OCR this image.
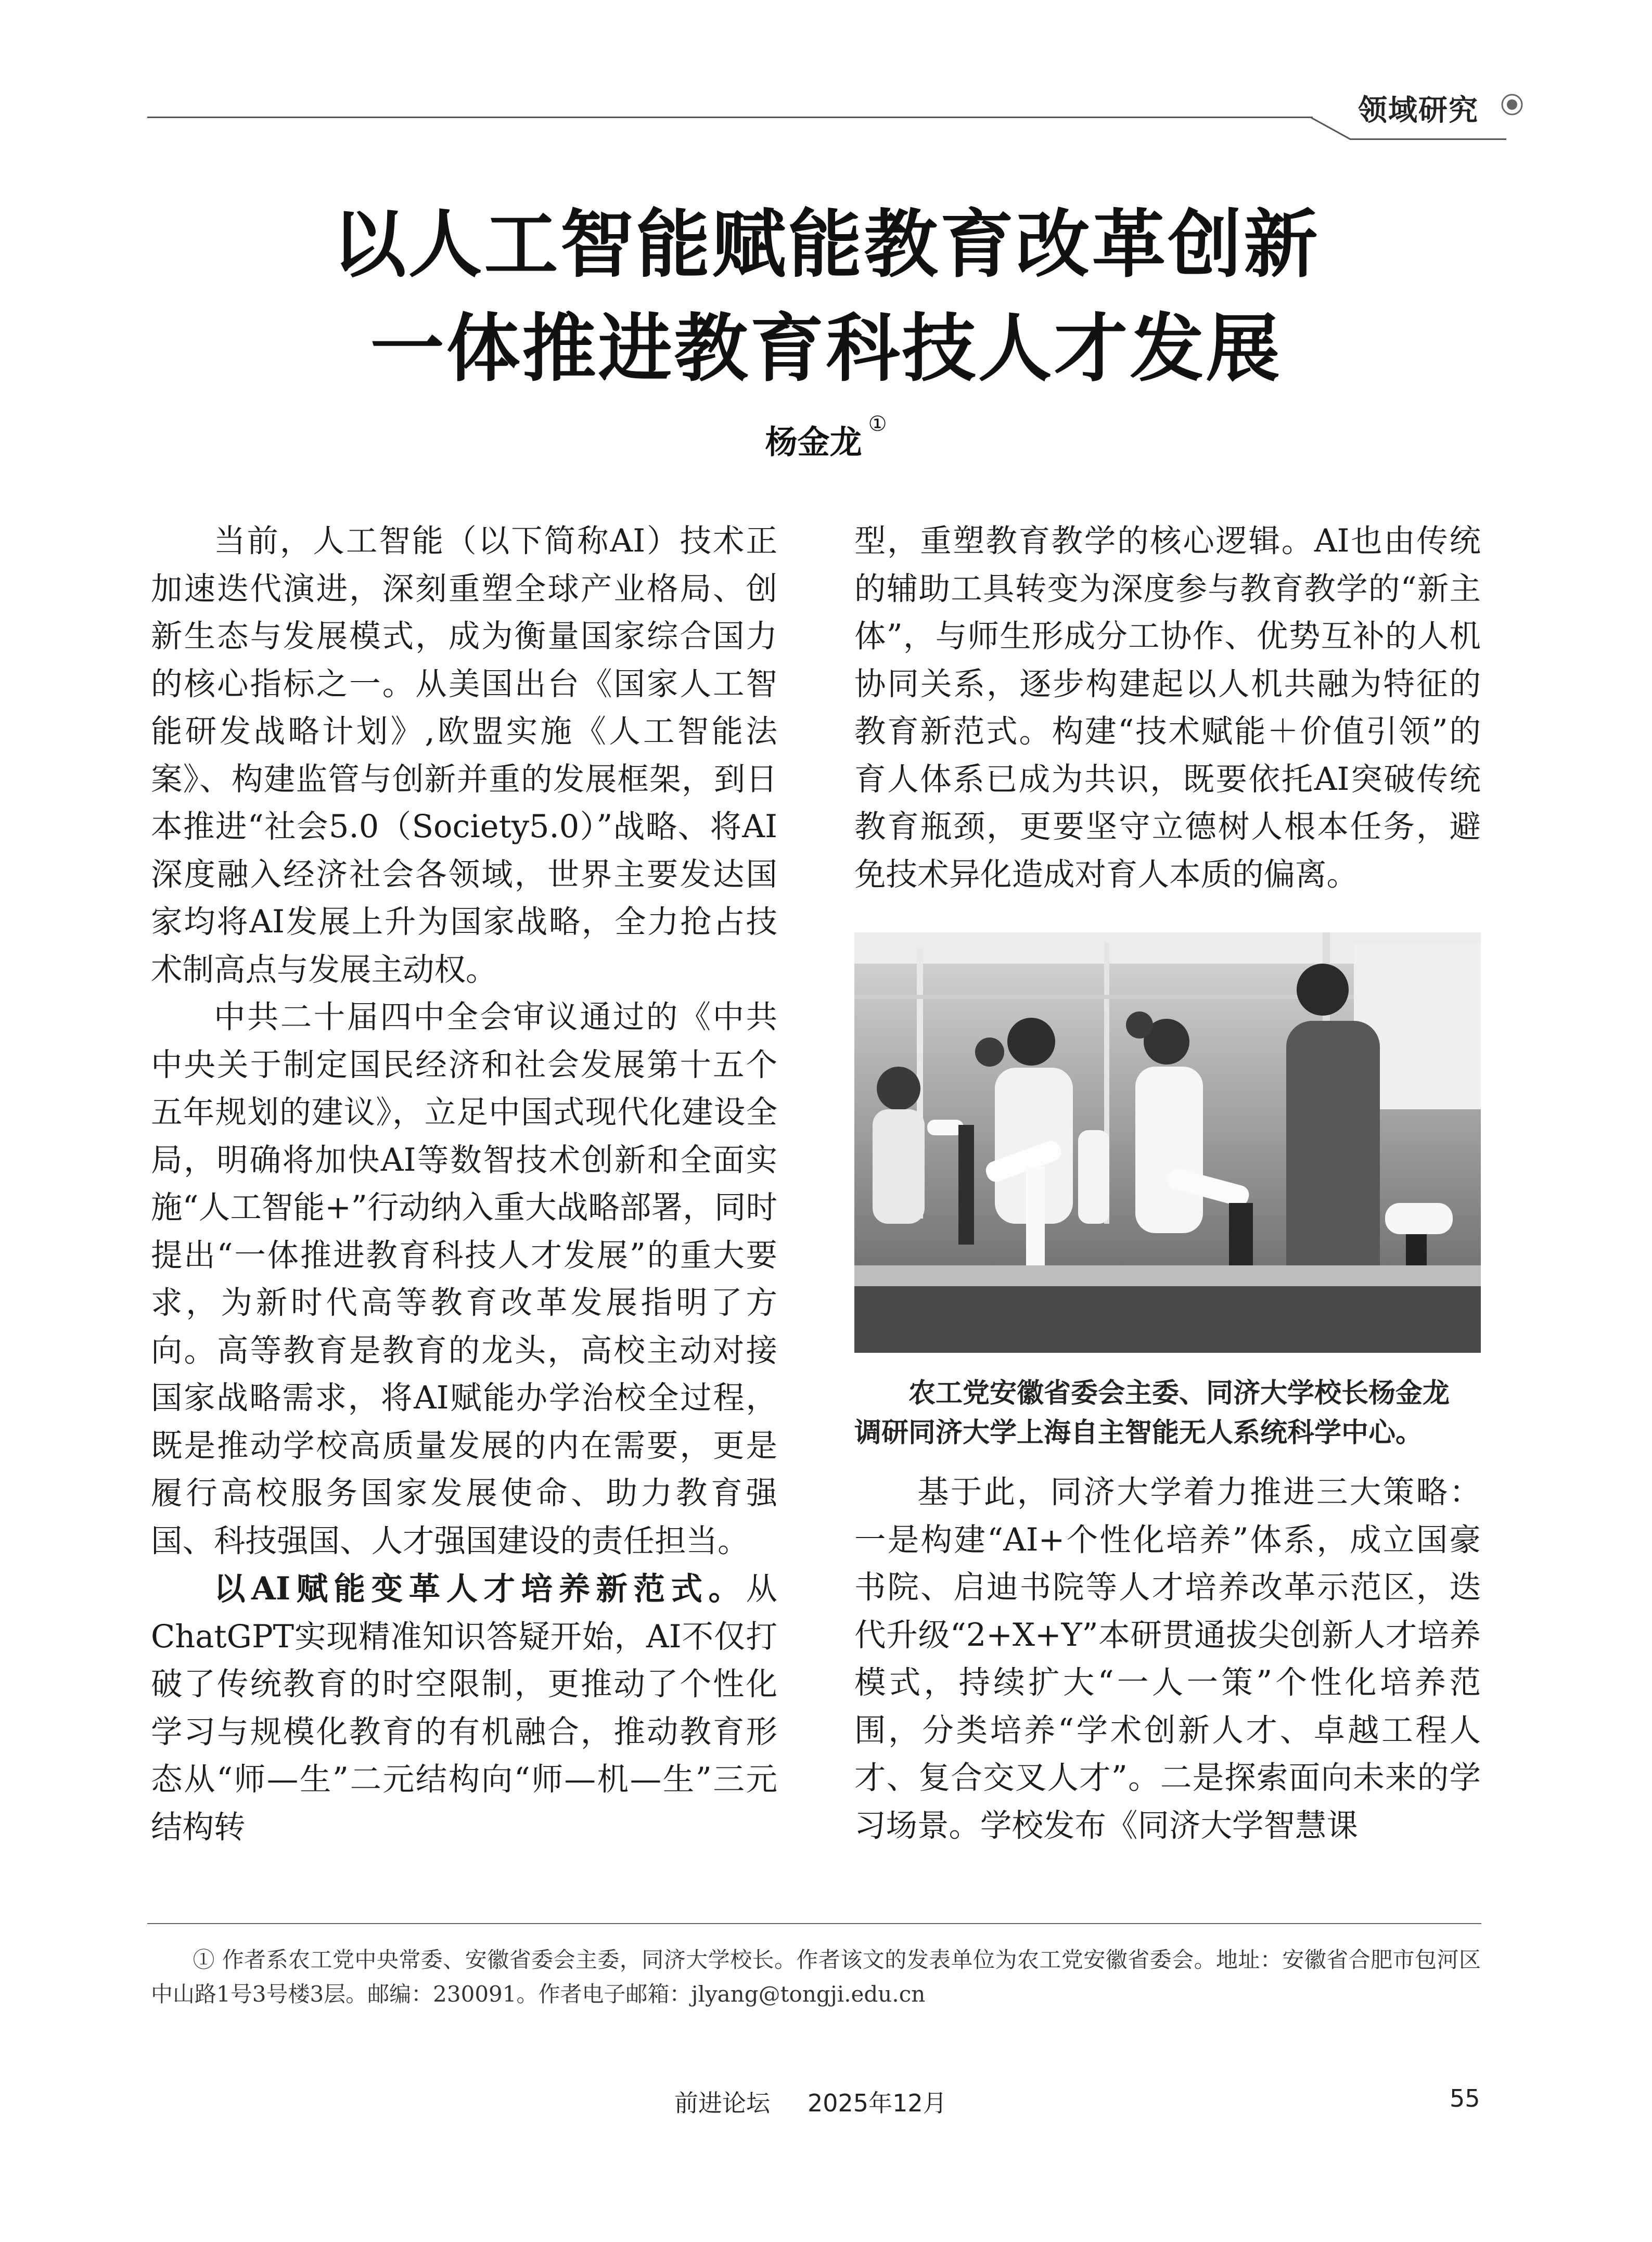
领域研究
以人工智能赋能教育改革创新
一体推进教育科技人才发展
杨金龙 ①

当前，人工智能（以下简称AI）技术正加速迭代演进，深刻重塑全球产业格局、创新生态与发展模式，成为衡量国家综合国力的核心指标之一。从美国出台《国家人工智能研发战略计划》,欧盟实施《人工智能法案》、构建监管与创新并重的发展框架，到日本推进“社会5.0（Society5.0）”战略、将AI深度融入经济社会各领域，世界主要发达国家均将AI发展上升为国家战略，全力抢占技术制高点与发展主动权。

中共二十届四中全会审议通过的《中共中央关于制定国民经济和社会发展第十五个五年规划的建议》，立足中国式现代化建设全局，明确将加快AI等数智技术创新和全面实施“人工智能+”行动纳入重大战略部署，同时提出“一体推进教育科技人才发展”的重大要求，为新时代高等教育改革发展指明了方向。高等教育是教育的龙头，高校主动对接国家战略需求，将AI赋能办学治校全过程，既是推动学校高质量发展的内在需要，更是履行高校服务国家发展使命、助力教育强国、科技强国、人才强国建设的责任担当。

以AI赋能变革人才培养新范式。从ChatGPT实现精准知识答疑开始，AI不仅打破了传统教育的时空限制，更推动了个性化学习与规模化教育的有机融合，推动教育形态从“师—生”二元结构向“师—机—生”三元结构转

型，重塑教育教学的核心逻辑。AI也由传统的辅助工具转变为深度参与教育教学的“新主体”，与师生形成分工协作、优势互补的人机协同关系，逐步构建起以人机共融为特征的教育新范式。构建“技术赋能＋价值引领”的育人体系已成为共识，既要依托AI突破传统教育瓶颈，更要坚守立德树人根本任务，避免技术异化造成对育人本质的偏离。

农工党安徽省委会主委、同济大学校长杨金龙
调研同济大学上海自主智能无人系统科学中心。

基于此，同济大学着力推进三大策略：一是构建“AI+个性化培养”体系，成立国豪书院、启迪书院等人才培养改革示范区，迭代升级“2+X+Y”本研贯通拔尖创新人才培养模式，持续扩大“一人一策”个性化培养范围，分类培养“学术创新人才、卓越工程人才、复合交叉人才”。二是探索面向未来的学习场景。学校发布《同济大学智慧课

① 作者系农工党中央常委、安徽省委会主委，同济大学校长。作者该文的发表单位为农工党安徽省委会。地址：安徽省合肥市包河区中山路1号3号楼3层。邮编：230091。作者电子邮箱：jlyang@tongji.edu.cn
前进论坛 2025年12月	55
